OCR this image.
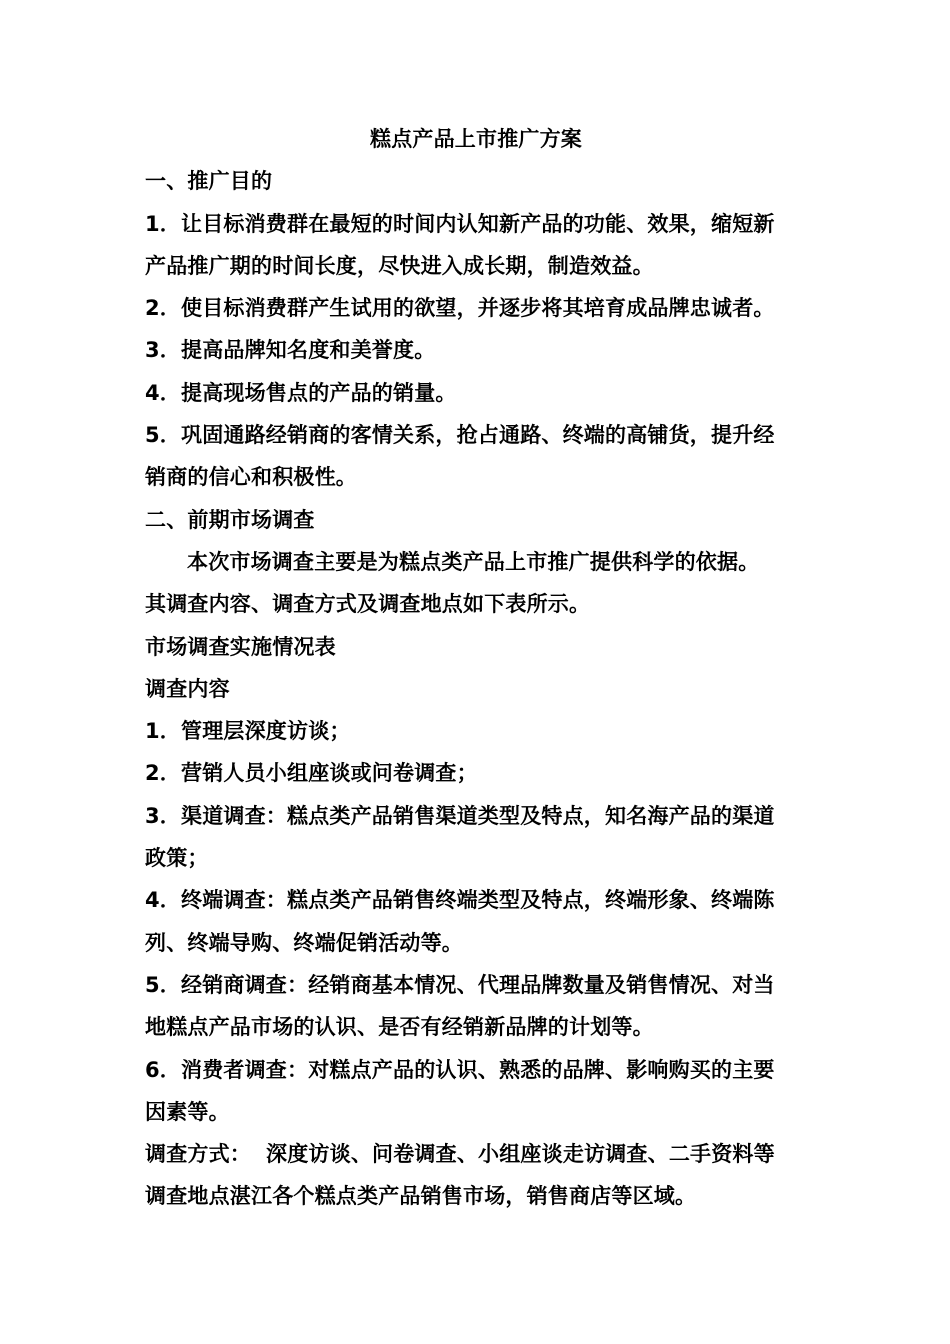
糕点产品上市推广方案
一、推广目的
1．让目标消费群在最短的时间内认知新产品的功能、效果，缩短新
产品推广期的时间长度，尽快进入成长期，制造效益。
2．使目标消费群产生试用的欲望，并逐步将其培育成品牌忠诚者。
3．提高品牌知名度和美誉度。
4．提高现场售点的产品的销量。
5．巩固通路经销商的客情关系，抢占通路、终端的高铺货，提升经
销商的信心和积极性。
二、前期市场调查
本次市场调查主要是为糕点类产品上市推广提供科学的依据。
其调查内容、调查方式及调查地点如下表所示。
市场调查实施情况表
调查内容
1．管理层深度访谈；
2．营销人员小组座谈或问卷调查；
3．渠道调查：糕点类产品销售渠道类型及特点，知名海产品的渠道
政策；
4．终端调查：糕点类产品销售终端类型及特点，终端形象、终端陈
列、终端导购、终端促销活动等。
5．经销商调查：经销商基本情况、代理品牌数量及销售情况、对当
地糕点产品市场的认识、是否有经销新品牌的计划等。
6．消费者调查：对糕点产品的认识、熟悉的品牌、影响购买的主要
因素等。
调查方式：  深度访谈、问卷调查、小组座谈走访调查、二手资料等
调查地点湛江各个糕点类产品销售市场，销售商店等区域。
